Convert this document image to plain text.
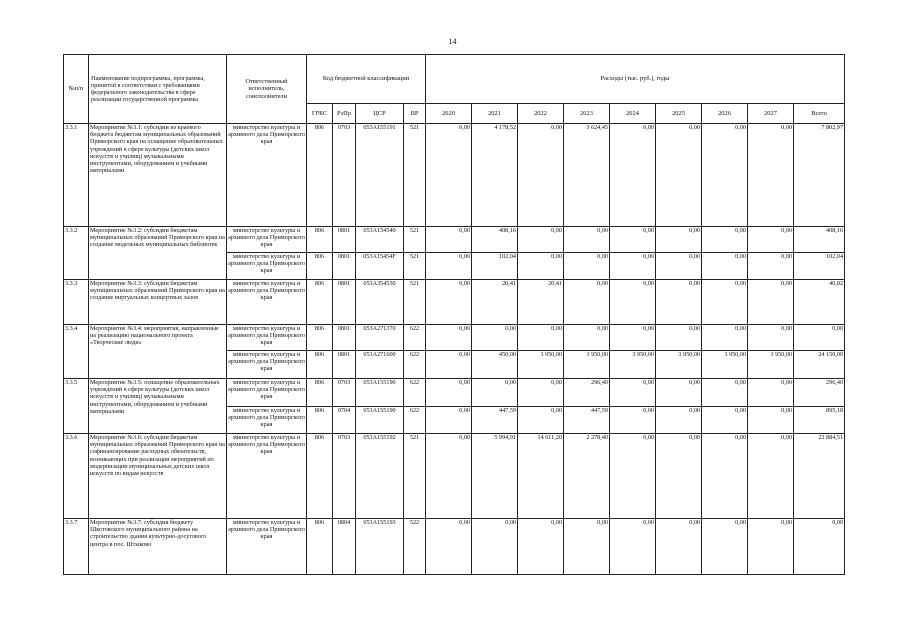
14
№п/п	Наименование подпрограммы, программы, принятой в соответствии с требованиями федерального законодательства в сфере реализации государственной программы	Ответственный исполнитель, соисполнители	Код бюджетной классификации				Расходы (тыс. руб.), годы								
			ГРБС	РзПр	ЦСР	ВР	2020	2021	2022	2023	2024	2025	2026	2027	Всего
3.3.1	Мероприятие №3.1: субсидии из краевого бюджета бюджетам муниципальных образований Приморского края на оснащение образовательных учреждений в сфере культуры (детских школ искусств и училищ) музыкальными инструментами, оборудованием и учебными материалами	министерство культуры и архивного дела Приморского края	806	0703	053А155191	521	0,00	4 178,52	0,00	3 624,45	0,00	0,00	0,00	0,00	7 802,97
3.3.2	Мероприятие №3.2: субсидии бюджетам муниципальных образований Приморского края на создание модельных муниципальных библиотек	министерство культуры и архивного дела Приморского края	806	0801	053А154540	521	0,00	408,16	0,00	0,00	0,00	0,00	0,00	0,00	408,16
		министерство культуры и архивного дела Приморского края	806	0801	053А15454F	521	0,00	102,04	0,00	0,00	0,00	0,00	0,00	0,00	102,04
3.3.3	Мероприятие №3.3: субсидии бюджетам муниципальных образований Приморского края на создание виртуальных концертных залов	министерство культуры и архивного дела Приморского края	806	0801	053А354530	521	0,00	20,41	20,41	0,00	0,00	0,00	0,00	0,00	40,82
3.3.4	Мероприятие №3.4: мероприятия, направленные на реализацию национального проекта «Творческие люди»	министерство культуры и архивного дела Приморского края	806	0801	053А271370	622	0,00	0,00	0,00	0,00	0,00	0,00	0,00	0,00	0,00
		министерство культуры и архивного дела Приморского края	806	0801	053А271600	622	0,00	450,00	3 950,00	3 950,00	3 950,00	3 950,00	3 950,00	3 950,00	24 150,00
3.3.5	Мероприятие №3.5: оснащение образовательных учреждений в сфере культуры (детских школ искусств и училищ) музыкальными инструментами, оборудованием и учебными материалами	министерство культуры и архивного дела Приморского края	806	0703	053А155190	622	0,00	0,00	0,00	296,40	0,00	0,00	0,00	0,00	296,40
		министерство культуры и архивного дела Приморского края	806	0704	053А155190	622	0,00	447,59	0,00	447,59	0,00	0,00	0,00	0,00	895,18
3.3.6	Мероприятие №3.6: субсидии бюджетам муниципальных образований Приморского края на софинансирование расходных обязательств, возникающих при реализации мероприятий по модернизации муниципальных детских школ искусств по видам искусств	министерство культуры и архивного дела Приморского края	806	0703	053А155192	521	0,00	5 994,91	14 611,20	2 278,40	0,00	0,00	0,00	0,00	22 884,51
3.3.7	Мероприятие №3.7: субсидия бюджету Шкотовского муниципального района на строительство здания культурно-досугового центра в пос. Штыково	министерство культуры и архивного дела Приморского края	806	0804	053А155193	522	0,00	0,00	0,00	0,00	0,00	0,00	0,00	0,00	0,00
